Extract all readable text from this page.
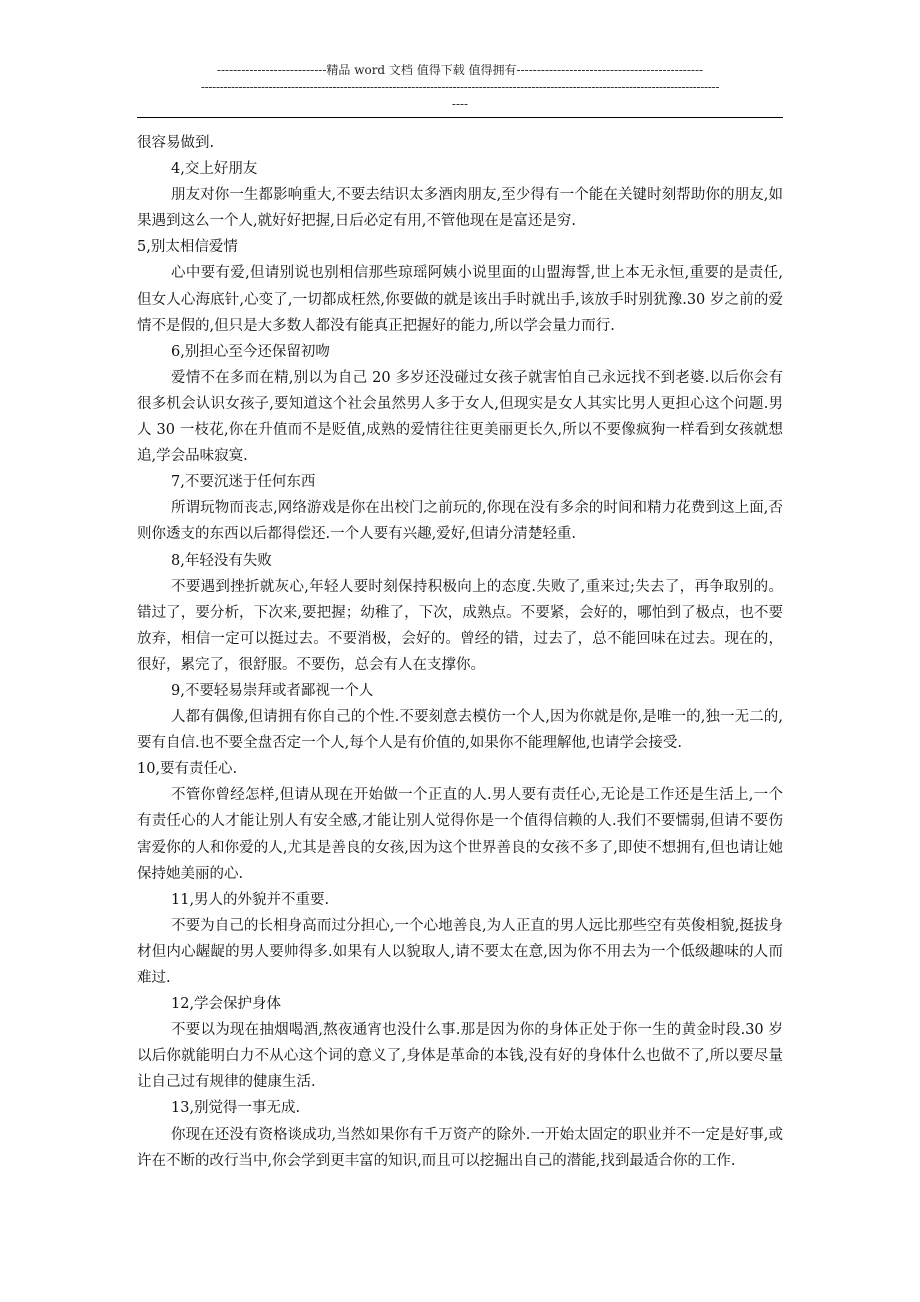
---------------------------精品 word 文档 值得下载 值得拥有----------------------------------------------
------------------------------------------------------------------------------------------------------------------------------------------
----

很容易做到.

4,交上好朋友

朋友对你一生都影响重大,不要去结识太多酒肉朋友,至少得有一个能在关键时刻帮助你的朋友,如果遇到这么一个人,就好好把握,日后必定有用,不管他现在是富还是穷.

5,别太相信爱情

心中要有爱,但请别说也别相信那些琼瑶阿姨小说里面的山盟海誓,世上本无永恒,重要的是责任,但女人心海底针,心变了,一切都成枉然,你要做的就是该出手时就出手,该放手时别犹豫.30 岁之前的爱情不是假的,但只是大多数人都没有能真正把握好的能力,所以学会量力而行.

6,别担心至今还保留初吻

爱情不在多而在精,别以为自己 20 多岁还没碰过女孩子就害怕自己永远找不到老婆.以后你会有很多机会认识女孩子,要知道这个社会虽然男人多于女人,但现实是女人其实比男人更担心这个问题.男人 30 一枝花,你在升值而不是贬值,成熟的爱情往往更美丽更长久,所以不要像疯狗一样看到女孩就想追,学会品味寂寞.

7,不要沉迷于任何东西

所谓玩物而丧志,网络游戏是你在出校门之前玩的,你现在没有多余的时间和精力花费到这上面,否则你透支的东西以后都得偿还.一个人要有兴趣,爱好,但请分清楚轻重.

8,年轻没有失败

不要遇到挫折就灰心,年轻人要时刻保持积极向上的态度.失败了,重来过;失去了，再争取别的。错过了，要分析，下次来,要把握；幼稚了，下次，成熟点。不要紧，会好的，哪怕到了极点，也不要放弃，相信一定可以挺过去。不要消极，会好的。曾经的错，过去了，总不能回味在过去。现在的，很好，累完了，很舒服。不要伤，总会有人在支撑你。

9,不要轻易崇拜或者鄙视一个人

人都有偶像,但请拥有你自己的个性.不要刻意去模仿一个人,因为你就是你,是唯一的,独一无二的,要有自信.也不要全盘否定一个人,每个人是有价值的,如果你不能理解他,也请学会接受.

10,要有责任心.

不管你曾经怎样,但请从现在开始做一个正直的人.男人要有责任心,无论是工作还是生活上,一个有责任心的人才能让别人有安全感,才能让别人觉得你是一个值得信赖的人.我们不要懦弱,但请不要伤害爱你的人和你爱的人,尤其是善良的女孩,因为这个世界善良的女孩不多了,即使不想拥有,但也请让她保持她美丽的心.

11,男人的外貌并不重要.

不要为自己的长相身高而过分担心,一个心地善良,为人正直的男人远比那些空有英俊相貌,挺拔身材但内心龌龊的男人要帅得多.如果有人以貌取人,请不要太在意,因为你不用去为一个低级趣味的人而难过.

12,学会保护身体

不要以为现在抽烟喝酒,熬夜通宵也没什么事.那是因为你的身体正处于你一生的黄金时段.30 岁以后你就能明白力不从心这个词的意义了,身体是革命的本钱,没有好的身体什么也做不了,所以要尽量让自己过有规律的健康生活.

13,别觉得一事无成.

你现在还没有资格谈成功,当然如果你有千万资产的除外.一开始太固定的职业并不一定是好事,或许在不断的改行当中,你会学到更丰富的知识,而且可以挖掘出自己的潜能,找到最适合你的工作.
